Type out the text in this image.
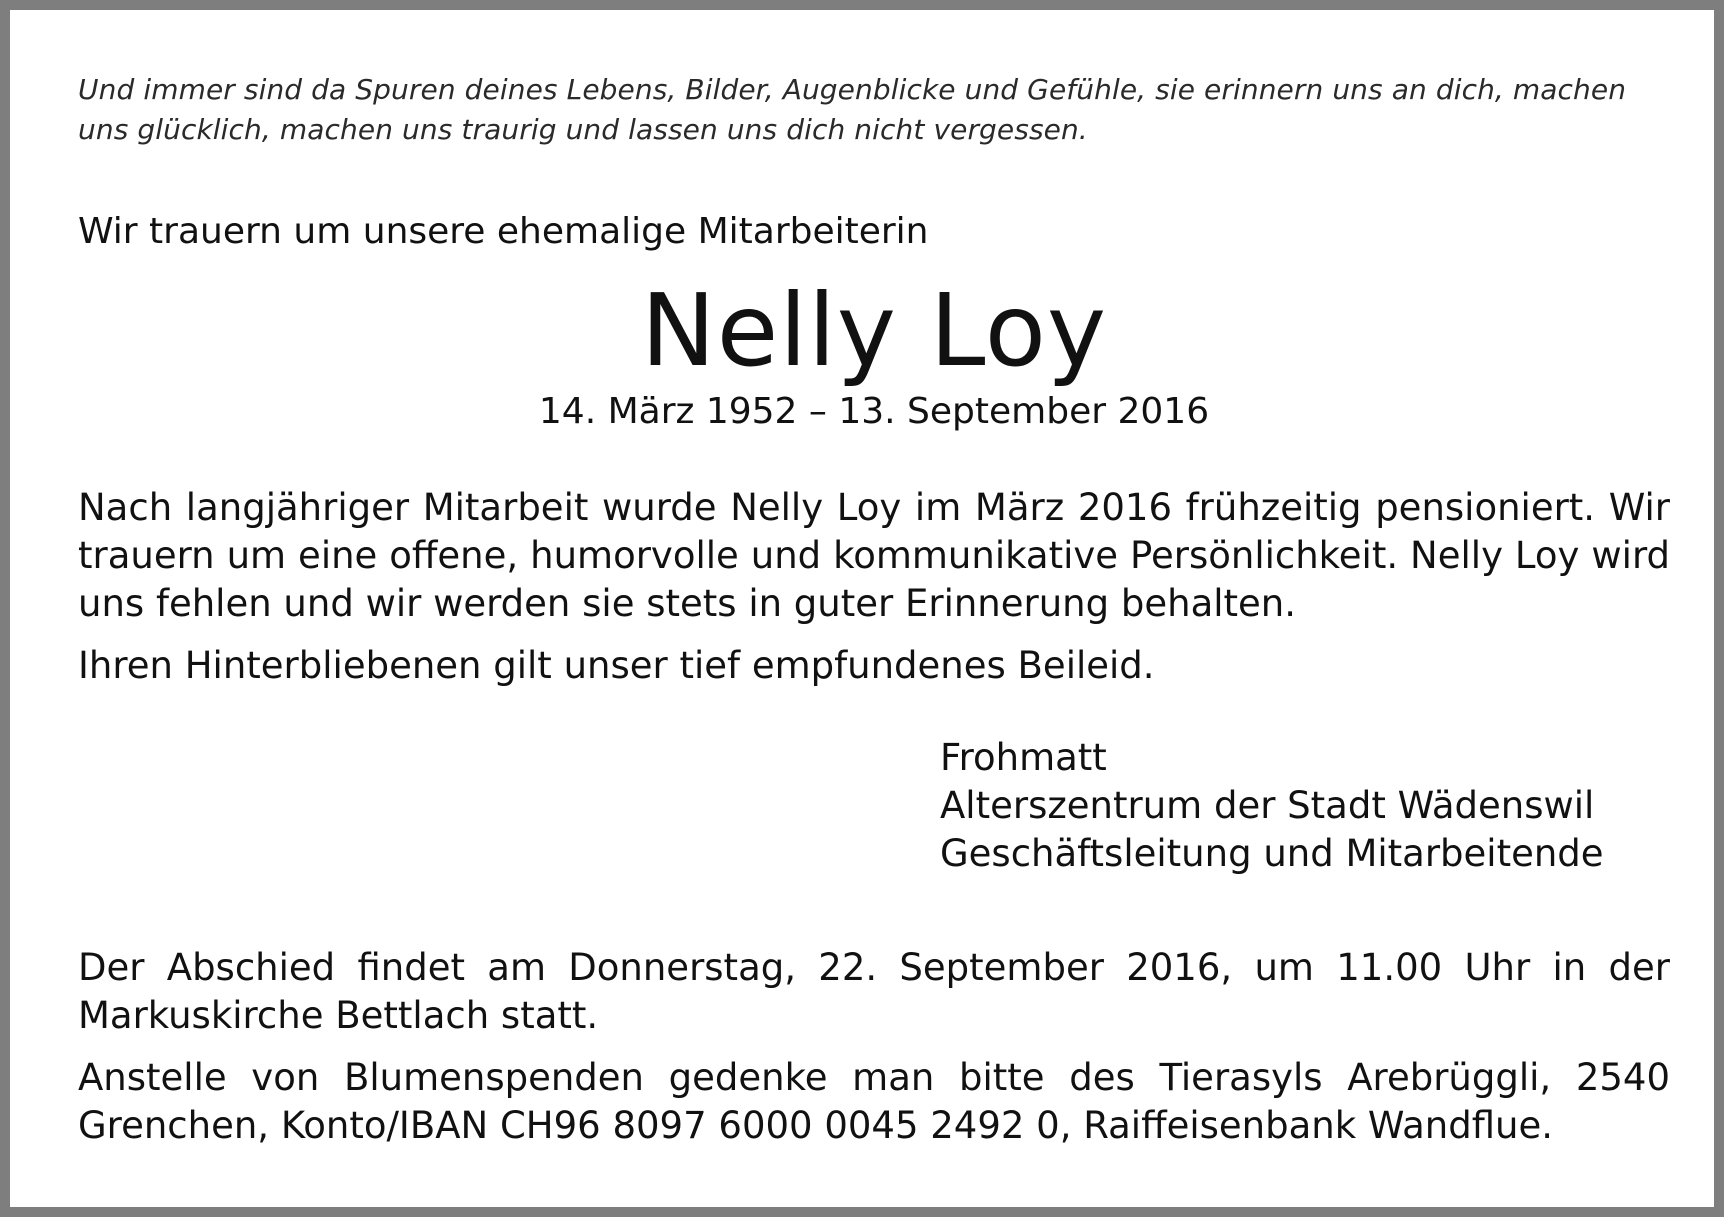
Und immer sind da Spuren deines Lebens, Bilder, Augenblicke und Gefühle, sie erinnern uns an dich, machen uns glücklich, machen uns traurig und lassen uns dich nicht vergessen.

Wir trauern um unsere ehemalige Mitarbeiterin

Nelly Loy

14. März 1952 – 13. September 2016

Nach langjähriger Mitarbeit wurde Nelly Loy im März 2016 frühzeitig pensioniert. Wir trauern um eine offene, humorvolle und kommunikative Persönlichkeit. Nelly Loy wird uns fehlen und wir werden sie stets in guter Erinnerung behalten.

Ihren Hinterbliebenen gilt unser tief empfundenes Beileid.

Frohmatt
Alterszentrum der Stadt Wädenswil
Geschäftsleitung und Mitarbeitende

Der Abschied findet am Donnerstag, 22. September 2016, um 11.00 Uhr in der Markuskirche Bettlach statt.

Anstelle von Blumenspenden gedenke man bitte des Tierasyls Arebrüggli, 2540 Grenchen, Konto/IBAN CH96 8097 6000 0045 2492 0, Raiffeisenbank Wandflue.
